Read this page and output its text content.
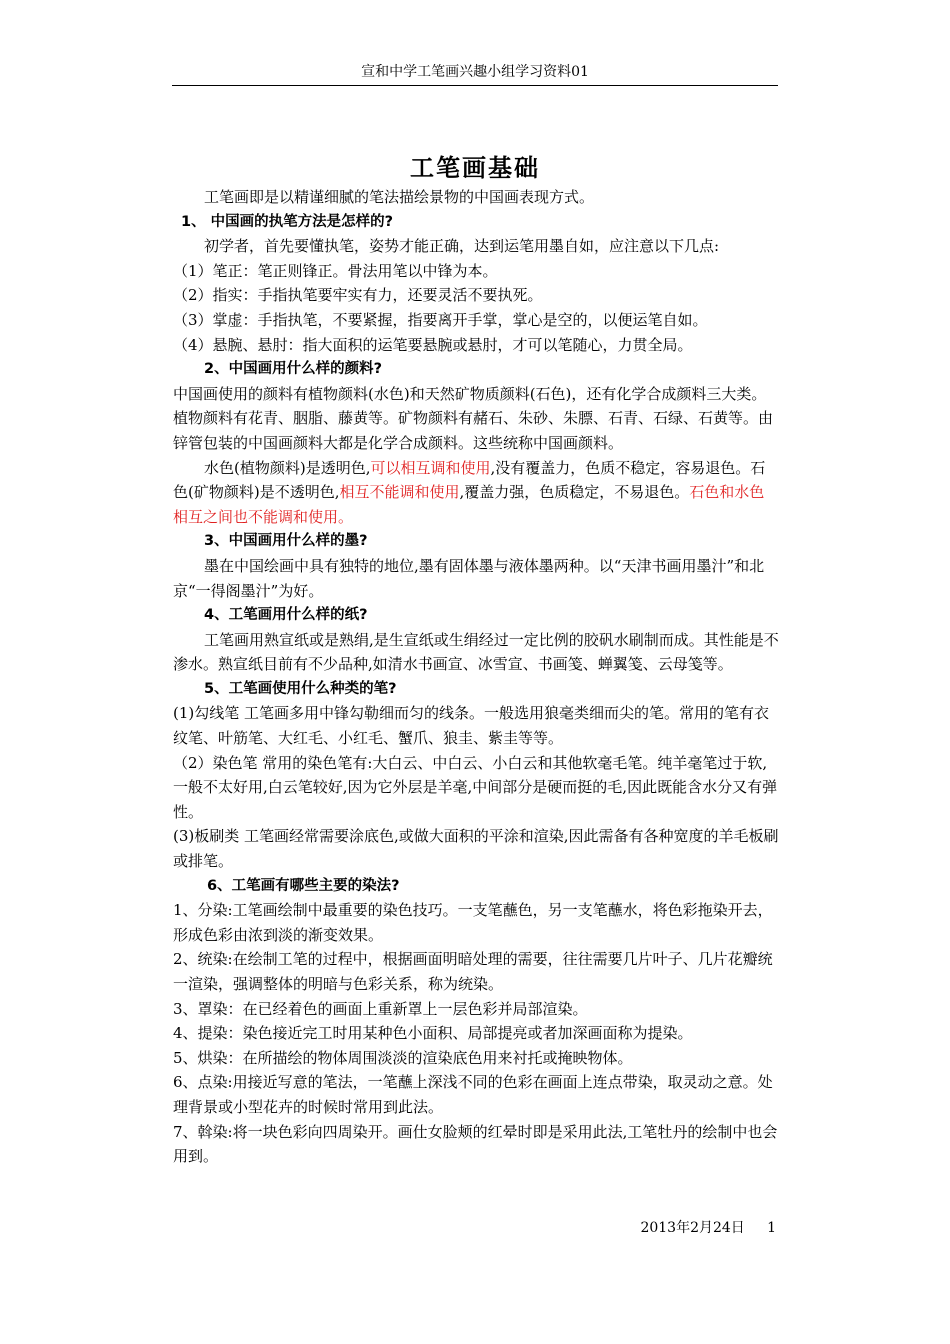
宣和中学工笔画兴趣小组学习资料01
工笔画基础

工笔画即是以精谨细腻的笔法描绘景物的中国画表现方式。

1、 中国画的执笔方法是怎样的?

初学者，首先要懂执笔，姿势才能正确，达到运笔用墨自如，应注意以下几点:

（1）笔正：笔正则锋正。骨法用笔以中锋为本。

（2）指实：手指执笔要牢实有力，还要灵活不要执死。

（3）掌虚：手指执笔，不要紧握，指要离开手掌，掌心是空的，以便运笔自如。

（4）悬腕、悬肘：指大面积的运笔要悬腕或悬肘，才可以笔随心，力贯全局。

2、中国画用什么样的颜料?

中国画使用的颜料有植物颜料(水色)和天然矿物质颜料(石色)，还有化学合成颜料三大类。植物颜料有花青、胭脂、藤黄等。矿物颜料有赭石、朱砂、朱膘、石青、石绿、石黄等。由锌管包装的中国画颜料大都是化学合成颜料。这些统称中国画颜料。

水色(植物颜料)是透明色,可以相互调和使用,没有覆盖力，色质不稳定，容易退色。石色(矿物颜料)是不透明色,相互不能调和使用,覆盖力强，色质稳定，不易退色。石色和水色相互之间也不能调和使用。

3、中国画用什么样的墨?

墨在中国绘画中具有独特的地位,墨有固体墨与液体墨两种。以“天津书画用墨汁”和北京“一得阁墨汁”为好。

4、工笔画用什么样的纸?

工笔画用熟宣纸或是熟绢,是生宣纸或生绢经过一定比例的胶矾水刷制而成。其性能是不渗水。熟宣纸目前有不少品种,如清水书画宣、冰雪宣、书画笺、蝉翼笺、云母笺等。

5、工笔画使用什么种类的笔?

(1)勾线笔 工笔画多用中锋勾勒细而匀的线条。一般选用狼毫类细而尖的笔。常用的笔有衣纹笔、叶筋笔、大红毛、小红毛、蟹爪、狼圭、紫圭等等。

（2）染色笔 常用的染色笔有:大白云、中白云、小白云和其他软毫毛笔。纯羊毫笔过于软,一般不太好用,白云笔较好,因为它外层是羊毫,中间部分是硬而挺的毛,因此既能含水分又有弹性。

(3)板刷类 工笔画经常需要涂底色,或做大面积的平涂和渲染,因此需备有各种宽度的羊毛板刷或排笔。

6、工笔画有哪些主要的染法?

1、分染:工笔画绘制中最重要的染色技巧。一支笔蘸色，另一支笔蘸水，将色彩拖染开去，形成色彩由浓到淡的渐变效果。

2、统染:在绘制工笔的过程中，根据画面明暗处理的需要，往往需要几片叶子、几片花瓣统一渲染，强调整体的明暗与色彩关系，称为统染。

3、罩染：在已经着色的画面上重新罩上一层色彩并局部渲染。

4、提染：染色接近完工时用某种色小面积、局部提亮或者加深画面称为提染。

5、烘染：在所描绘的物体周围淡淡的渲染底色用来衬托或掩映物体。

6、点染:用接近写意的笔法，一笔蘸上深浅不同的色彩在画面上连点带染，取灵动之意。处理背景或小型花卉的时候时常用到此法。

7、斡染:将一块色彩向四周染开。画仕女脸颊的红晕时即是采用此法,工笔牡丹的绘制中也会用到。

2013年2月24日 1
